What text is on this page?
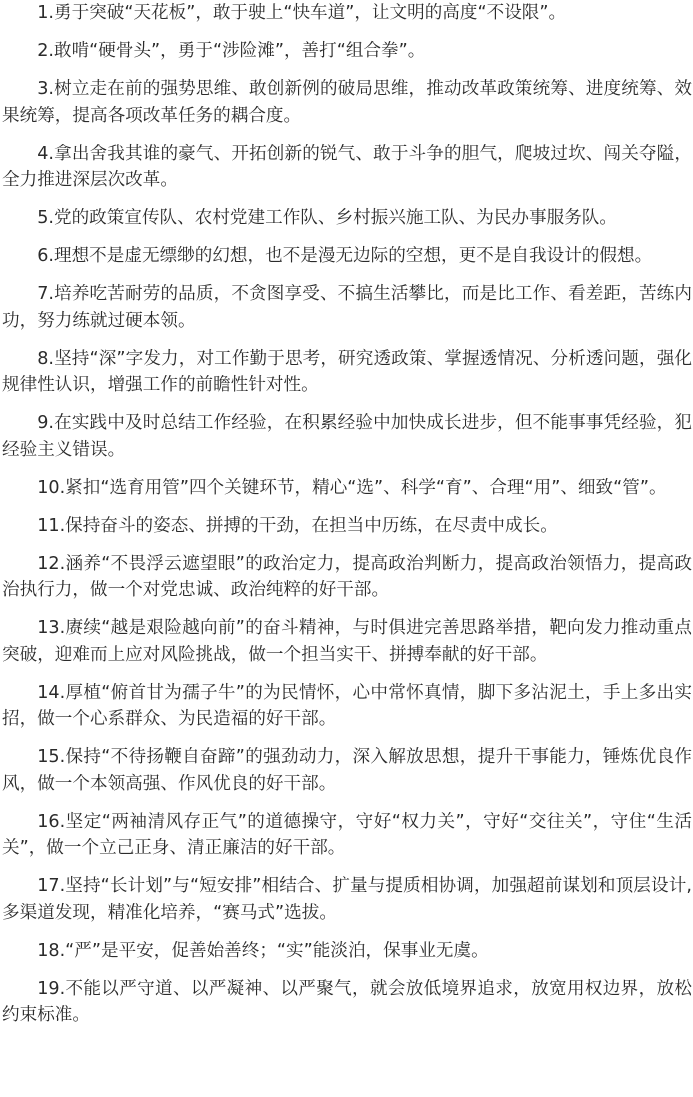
1.勇于突破“天花板”，敢于驶上“快车道”，让文明的高度“不设限”。

2.敢啃“硬骨头”，勇于“涉险滩”，善打“组合拳”。

3.树立走在前的强势思维、敢创新例的破局思维，推动改革政策统筹、进度统筹、效果统筹，提高各项改革任务的耦合度。

4.拿出舍我其谁的豪气、开拓创新的锐气、敢于斗争的胆气，爬坡过坎、闯关夺隘，全力推进深层次改革。

5.党的政策宣传队、农村党建工作队、乡村振兴施工队、为民办事服务队。

6.理想不是虚无缥缈的幻想，也不是漫无边际的空想，更不是自我设计的假想。

7.培养吃苦耐劳的品质，不贪图享受、不搞生活攀比，而是比工作、看差距，苦练内功，努力练就过硬本领。

8.坚持“深”字发力，对工作勤于思考，研究透政策、掌握透情况、分析透问题，强化规律性认识，增强工作的前瞻性针对性。

9.在实践中及时总结工作经验，在积累经验中加快成长进步，但不能事事凭经验，犯经验主义错误。

10.紧扣“选育用管”四个关键环节，精心“选”、科学“育”、合理“用”、细致“管”。

11.保持奋斗的姿态、拼搏的干劲，在担当中历练，在尽责中成长。

12.涵养“不畏浮云遮望眼”的政治定力，提高政治判断力，提高政治领悟力，提高政治执行力，做一个对党忠诚、政治纯粹的好干部。

13.赓续“越是艰险越向前”的奋斗精神，与时俱进完善思路举措，靶向发力推动重点突破，迎难而上应对风险挑战，做一个担当实干、拼搏奉献的好干部。

14.厚植“俯首甘为孺子牛”的为民情怀，心中常怀真情，脚下多沾泥土，手上多出实招，做一个心系群众、为民造福的好干部。

15.保持“不待扬鞭自奋蹄”的强劲动力，深入解放思想，提升干事能力，锤炼优良作风，做一个本领高强、作风优良的好干部。

16.坚定“两袖清风存正气”的道德操守，守好“权力关”，守好“交往关”，守住“生活关”，做一个立己正身、清正廉洁的好干部。

17.坚持“长计划”与“短安排”相结合、扩量与提质相协调，加强超前谋划和顶层设计,多渠道发现，精准化培养，“赛马式”选拔。

18.“严”是平安，促善始善终；“实”能淡泊，保事业无虞。

19.不能以严守道、以严凝神、以严聚气，就会放低境界追求，放宽用权边界，放松约束标准。
